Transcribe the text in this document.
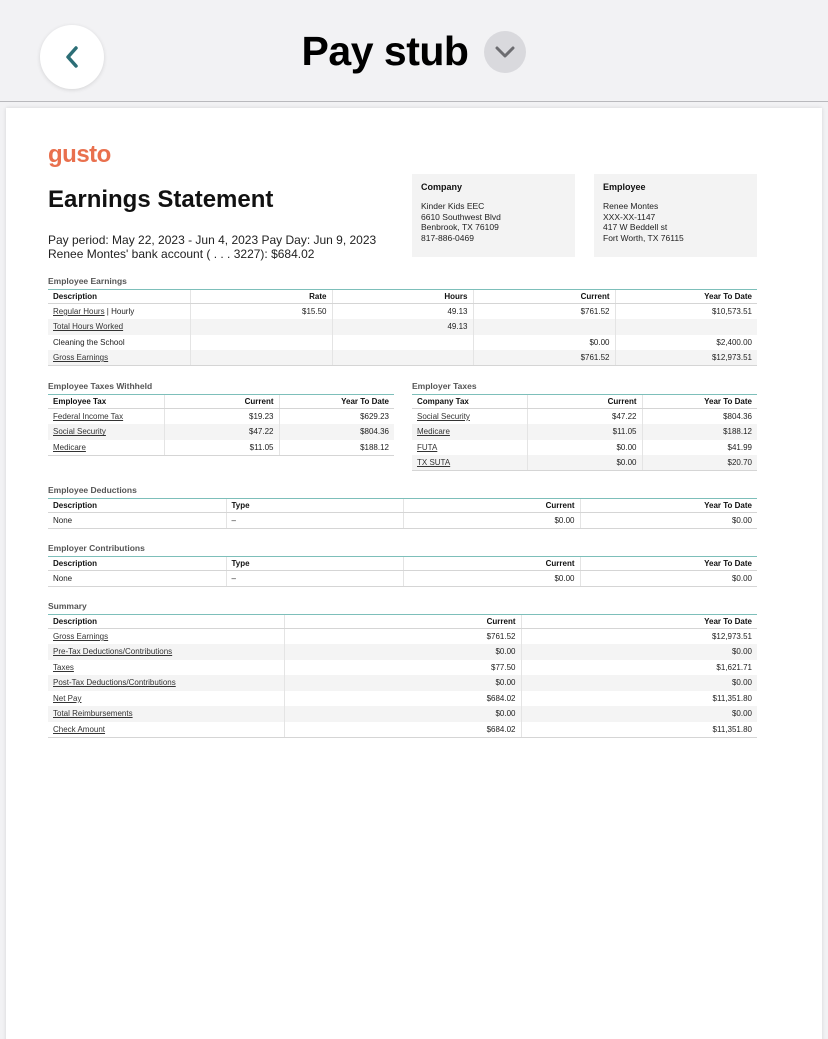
Pay stub
gusto
Earnings Statement
Pay period: May 22, 2023 - Jun 4, 2023 Pay Day: Jun 9, 2023
Renee Montes' bank account ( . . . 3227): $684.02
Company
Kinder Kids EEC
6610 Southwest Blvd
Benbrook, TX 76109
817-886-0469
Employee
Renee Montes
XXX-XX-1147
417 W Beddell st
Fort Worth, TX 76115
Employee Earnings
Description	Rate	Hours	Current	Year To Date
Regular Hours | Hourly	$15.50	49.13	$761.52	$10,573.51
Total Hours Worked		49.13		
Cleaning the School			$0.00	$2,400.00
Gross Earnings			$761.52	$12,973.51
Employee Taxes Withheld
Employee Tax	Current	Year To Date
Federal Income Tax	$19.23	$629.23
Social Security	$47.22	$804.36
Medicare	$11.05	$188.12
Employer Taxes
Company Tax	Current	Year To Date
Social Security	$47.22	$804.36
Medicare	$11.05	$188.12
FUTA	$0.00	$41.99
TX SUTA	$0.00	$20.70
Employee Deductions
Description	Type	Current	Year To Date
None	–	$0.00	$0.00
Employer Contributions
Description	Type	Current	Year To Date
None	–	$0.00	$0.00
Summary
Description	Current	Year To Date
Gross Earnings	$761.52	$12,973.51
Pre-Tax Deductions/Contributions	$0.00	$0.00
Taxes	$77.50	$1,621.71
Post-Tax Deductions/Contributions	$0.00	$0.00
Net Pay	$684.02	$11,351.80
Total Reimbursements	$0.00	$0.00
Check Amount	$684.02	$11,351.80
